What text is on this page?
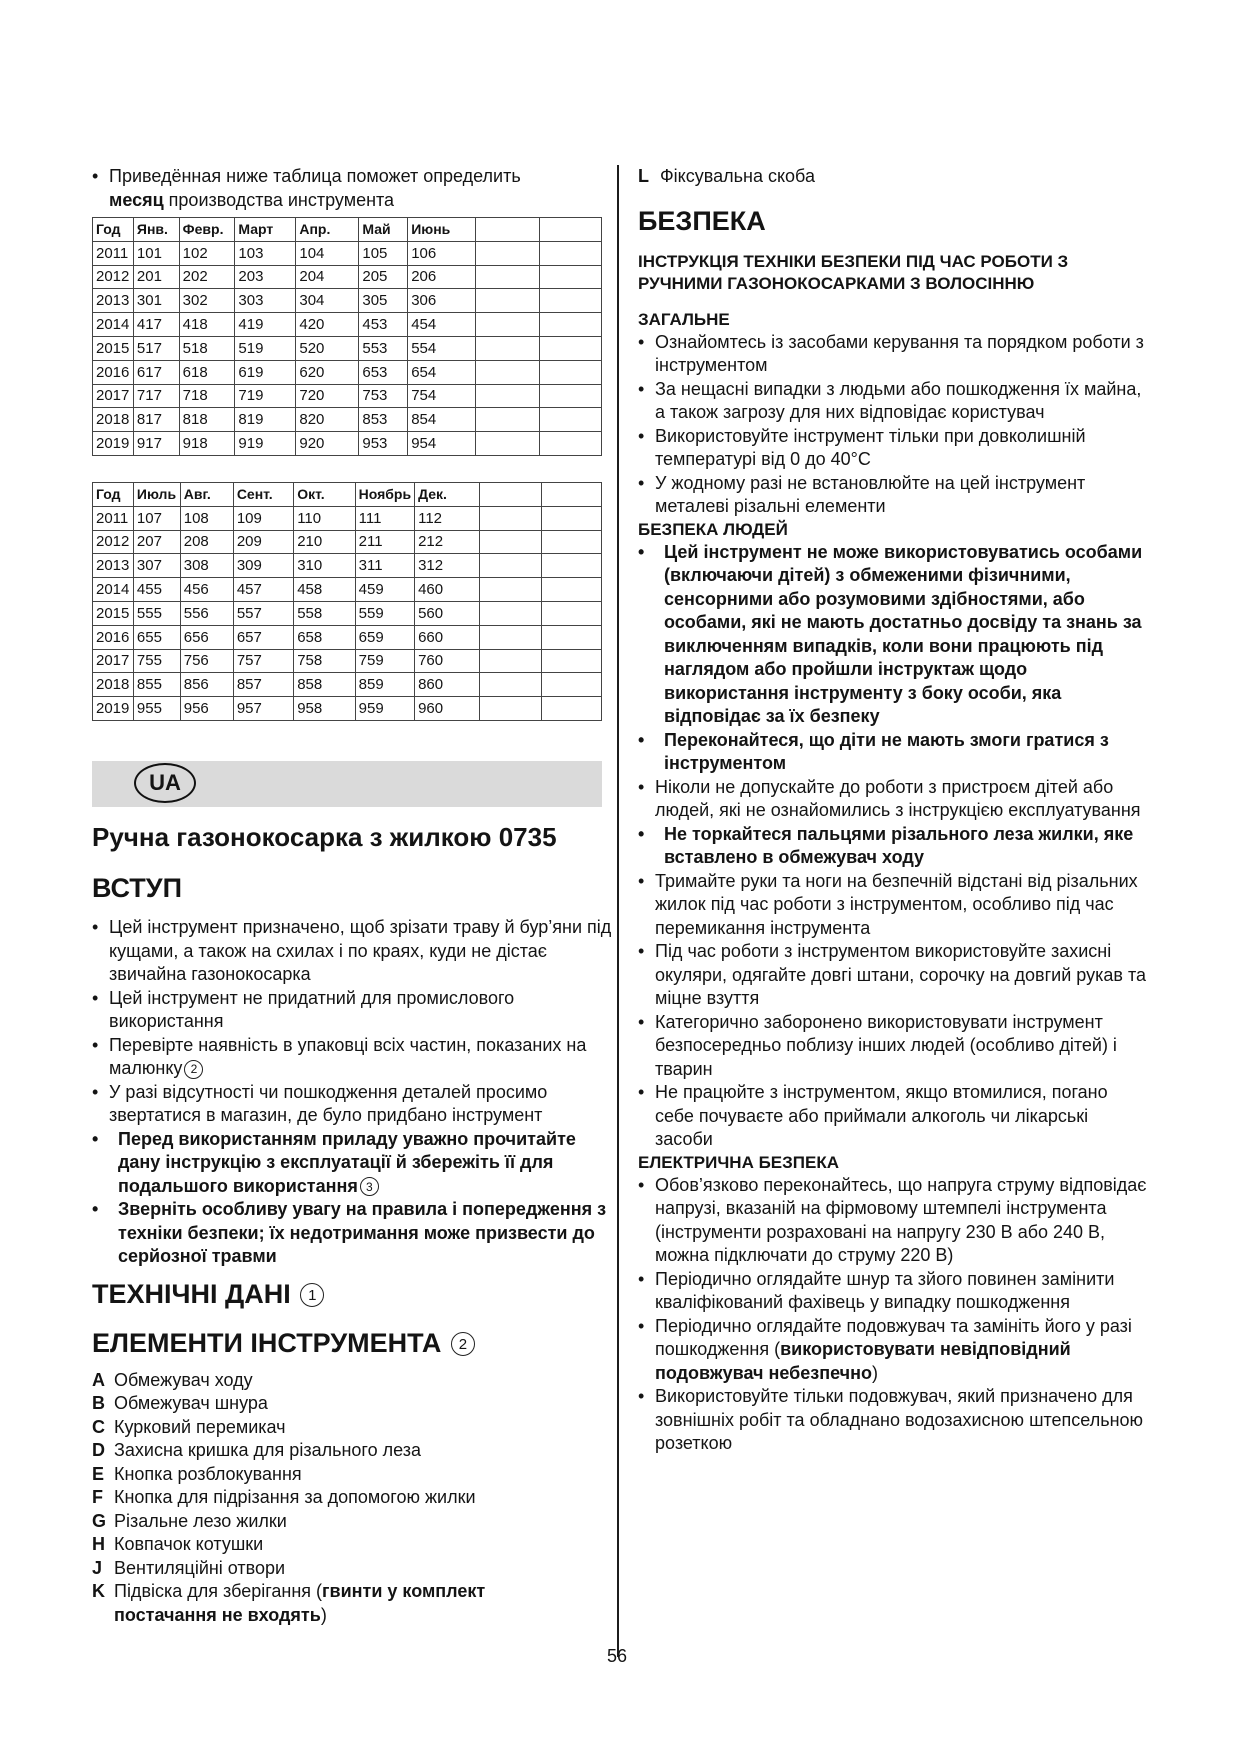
• Приведённая ниже таблица поможет определить
месяц производства инструмента

Год	Янв.	Февр.	Март	Апр.	Май	Июнь		
2011	101	102	103	104	105	106		
2012	201	202	203	204	205	206		
2013	301	302	303	304	305	306		
2014	417	418	419	420	453	454		
2015	517	518	519	520	553	554		
2016	617	618	619	620	653	654		
2017	717	718	719	720	753	754		
2018	817	818	819	820	853	854		
2019	917	918	919	920	953	954		
Год	Июль	Авг.	Сент.	Окт.	Ноябрь	Дек.		
2011	107	108	109	110	111	112		
2012	207	208	209	210	211	212		
2013	307	308	309	310	311	312		
2014	455	456	457	458	459	460		
2015	555	556	557	558	559	560		
2016	655	656	657	658	659	660		
2017	755	756	757	758	759	760		
2018	855	856	857	858	859	860		
2019	955	956	957	958	959	960		
UA

Ручна газонокосарка з жилкою 0735

ВСТУП

• Цей інструмент призначено, щоб зрізати траву й бур’яни під кущами, а також на схилах і по краях, куди не дістає звичайна газонокосарка

• Цей інструмент не придатний для промислового використання

• Перевірте наявність в упаковці всіх частин, показаних на малюнку 2

• У разі відсутності чи пошкодження деталей просимо звертатися в магазин, де було придбано інструмент

• Перед використанням приладу уважно прочитайте дану інструкцію з експлуатації й збережіть її для подальшого використання 3

• Зверніть особливу увагу на правила і попередження з техніки безпеки; їх недотримання може призвести до серйозної травми

ТЕХНІЧНІ ДАНІ 1

ЕЛЕМЕНТИ ІНСТРУМЕНТА 2

A Обмежувач ходу

B Обмежувач шнура

C Курковий перемикач

D Захисна кришка для різального леза

E Кнопка розблокування

F Кнопка для підрізання за допомогою жилки

G Різальне лезо жилки

H Ковпачок котушки

J Вентиляційні отвори

K Підвіска для зберігання (гвинти у комплект
постачання не входять)

L Фіксувальна скоба

БЕЗПЕКА

ІНСТРУКЦІЯ ТЕХНІКИ БЕЗПЕКИ ПІД ЧАС РОБОТИ З РУЧНИМИ ГАЗОНОКОСАРКАМИ З ВОЛОСІННЮ

ЗАГАЛЬНЕ

• Ознайомтесь із засобами керування та порядком роботи з інструментом

• За нещасні випадки з людьми або пошкодження їх майна, а також загрозу для них відповідає користувач

• Використовуйте інструмент тільки при довколишній температурі від 0 до 40°C

• У жодному разі не встановлюйте на цей інструмент металеві різальні елементи

БЕЗПЕКА ЛЮДЕЙ

• Цей інструмент не може використовуватись особами (включаючи дітей) з обмеженими фізичними, сенсорними або розумовими здібностями, або особами, які не мають достатньо досвіду та знань за виключенням випадків, коли вони працюють під наглядом або пройшли інструктаж щодо використання інструменту з боку особи, яка відповідає за їх безпеку

• Переконайтеся, що діти не мають змоги гратися з інструментом

• Ніколи не допускайте до роботи з пристроєм дітей або людей, які не ознайомились з інструкцією експлуатування

• Не торкайтеся пальцями різального леза жилки, яке вставлено в обмежувач ходу

• Тримайте руки та ноги на безпечній відстані від різальних жилок під час роботи з інструментом, особливо під час перемикання інструмента

• Під час роботи з інструментом використовуйте захисні окуляри, одягайте довгі штани, сорочку на довгий рукав та міцне взуття

• Категорично заборонено використовувати інструмент безпосередньо поблизу інших людей (особливо дітей) і тварин

• Не працюйте з інструментом, якщо втомилися, погано себе почуваєте або приймали алкоголь чи лікарські засоби

ЕЛЕКТРИЧНА БЕЗПЕКА

• Обов’язково переконайтесь, що напруга струму відповідає напрузі, вказаній на фірмовому штемпелі інструмента (інструменти розраховані на напругу 230 В або 240 В, можна підключати до струму 220 В)

• Періодично оглядайте шнур та зйого повинен замінити кваліфікований фахівець у випадку пошкодження

• Періодично оглядайте подовжувач та замініть його у разі пошкодження (використовувати невідповідний подовжувач небезпечно)

• Використовуйте тільки подовжувач, який призначено для зовнішніх робіт та обладнано водозахисною штепсельною розеткою

56
